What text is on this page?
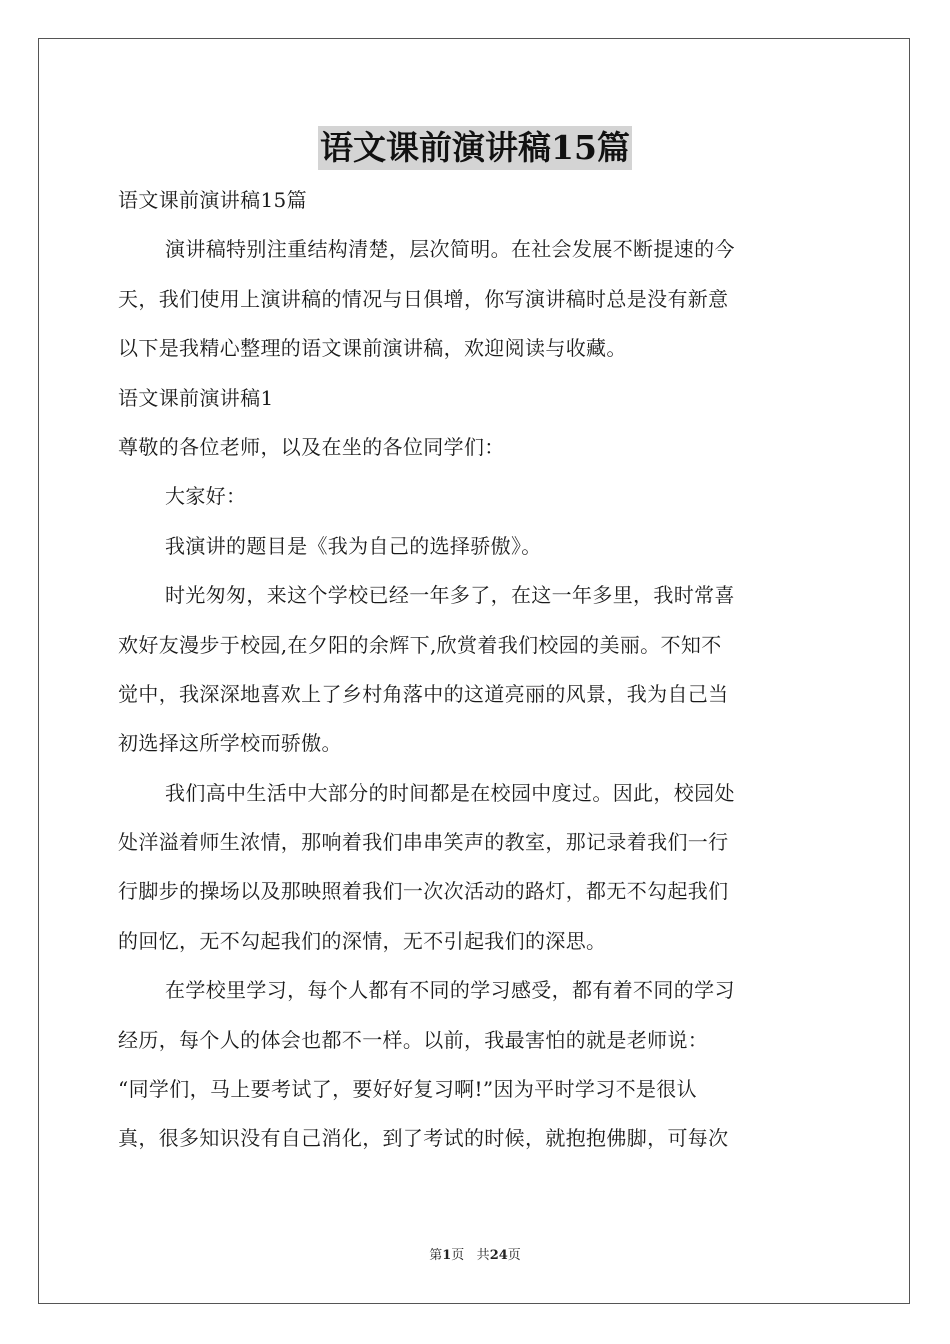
语文课前演讲稿15篇
语文课前演讲稿15篇
演讲稿特别注重结构清楚，层次简明。在社会发展不断提速的今
天，我们使用上演讲稿的情况与日俱增，你写演讲稿时总是没有新意
以下是我精心整理的语文课前演讲稿，欢迎阅读与收藏。
语文课前演讲稿1
尊敬的各位老师，以及在坐的各位同学们：
大家好：
我演讲的题目是《我为自己的选择骄傲》。
时光匆匆，来这个学校已经一年多了，在这一年多里，我时常喜
欢好友漫步于校园,在夕阳的余辉下,欣赏着我们校园的美丽。不知不
觉中，我深深地喜欢上了乡村角落中的这道亮丽的风景，我为自己当
初选择这所学校而骄傲。
我们高中生活中大部分的时间都是在校园中度过。因此，校园处
处洋溢着师生浓情，那响着我们串串笑声的教室，那记录着我们一行
行脚步的操场以及那映照着我们一次次活动的路灯，都无不勾起我们
的回忆，无不勾起我们的深情，无不引起我们的深思。
在学校里学习，每个人都有不同的学习感受，都有着不同的学习
经历，每个人的体会也都不一样。以前，我最害怕的就是老师说：
“同学们，马上要考试了，要好好复习啊!”因为平时学习不是很认
真，很多知识没有自己消化，到了考试的时候，就抱抱佛脚，可每次
第1页 共24页
